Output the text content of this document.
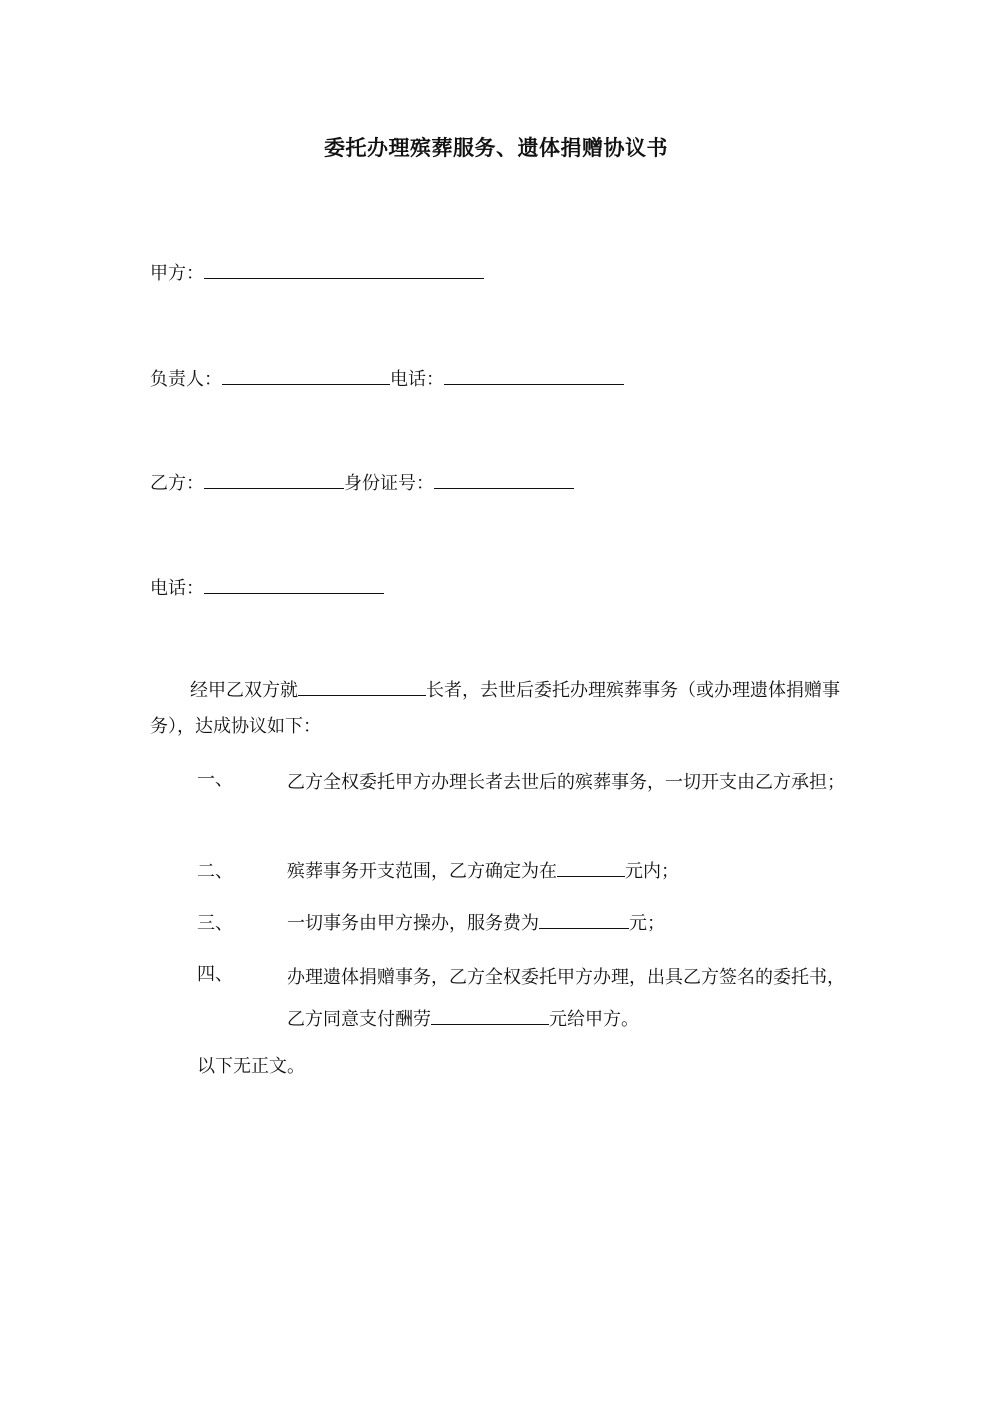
委托办理殡葬服务、遗体捐赠协议书
甲方：
负责人：	电话：
乙方：	身份证号：
电话：
经甲乙双方就	长者，去世后委托办理殡葬事务（或办理遗体捐赠事务），达成协议如下：
一、	乙方全权委托甲方办理长者去世后的殡葬事务，一切开支由乙方承担；
二、	殡葬事务开支范围，乙方确定为在	元内；
三、	一切事务由甲方操办，服务费为	元；
四、	办理遗体捐赠事务，乙方全权委托甲方办理，出具乙方签名的委托书，乙方同意支付酬劳	元给甲方。
以下无正文。
